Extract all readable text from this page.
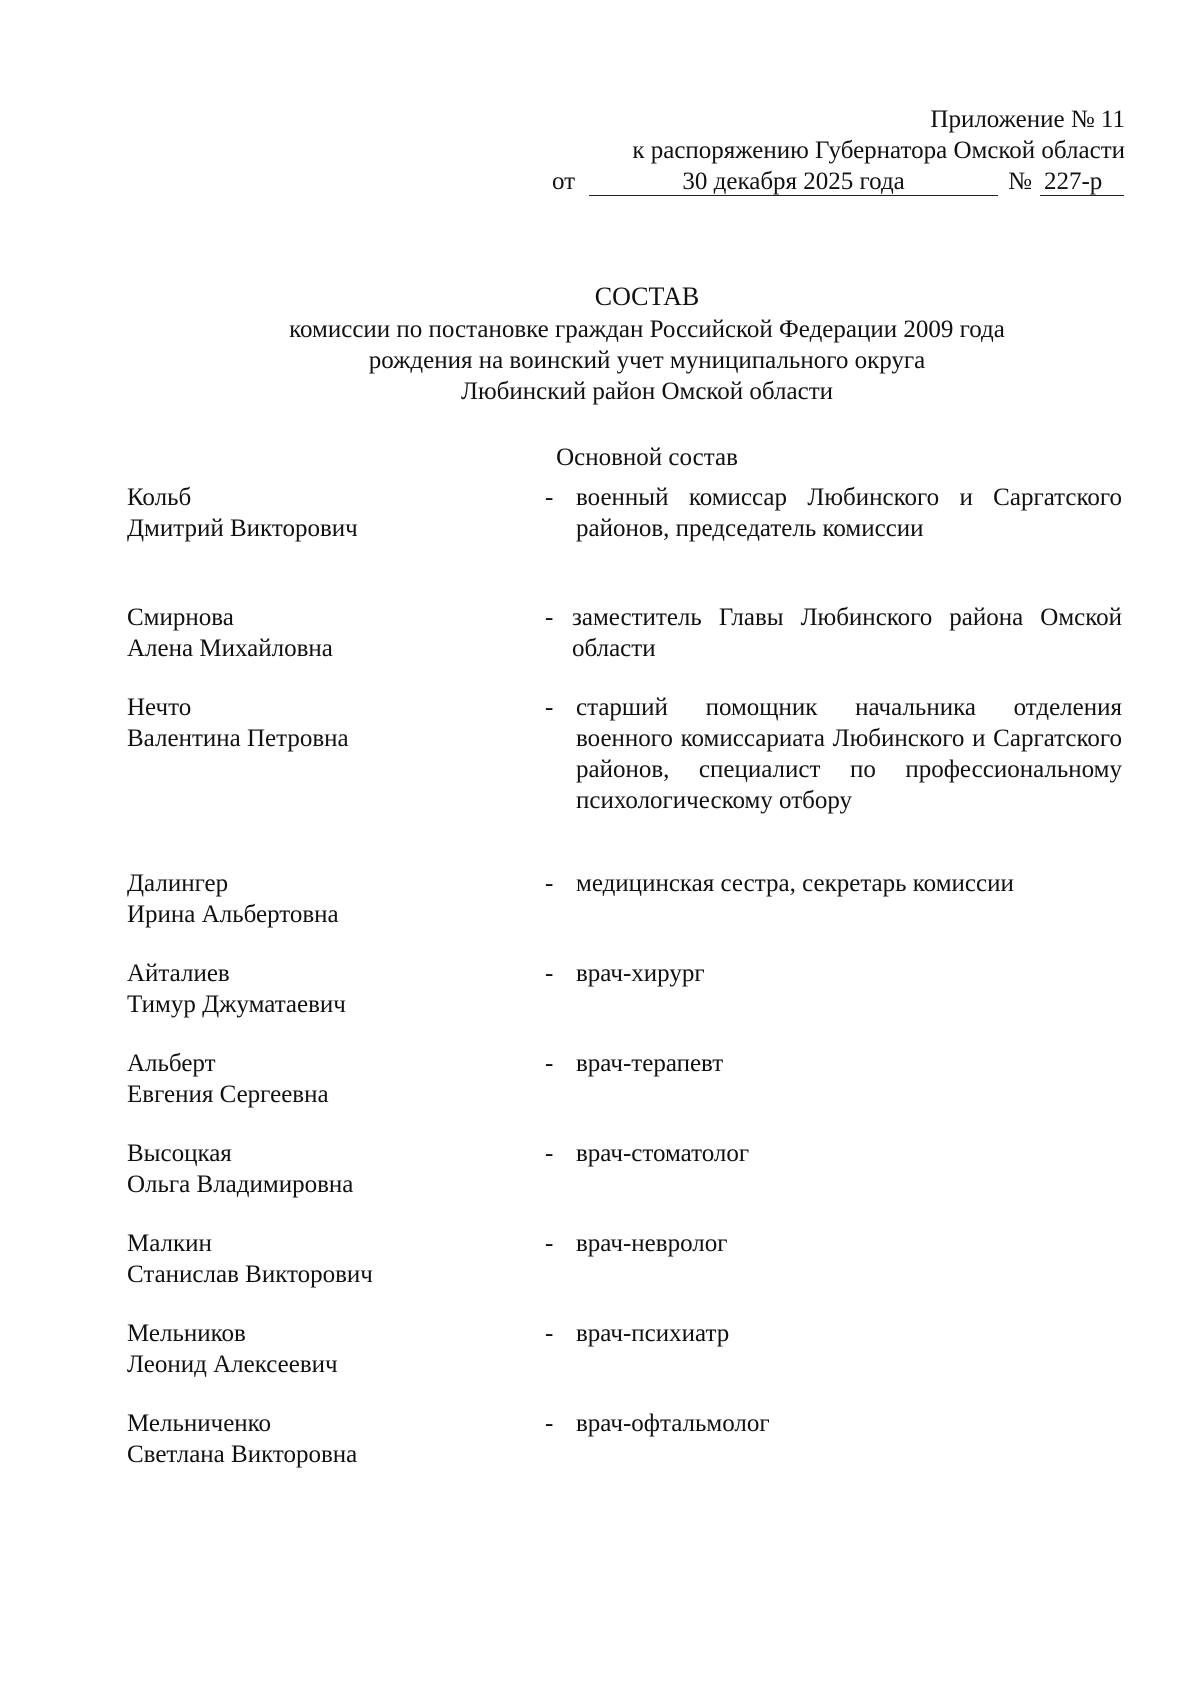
Приложение № 11
к распоряжению Губернатора Омской области
от	30 декабря 2025 года	№ 227-р
СОСТАВ
комиссии по постановке граждан Российской Федерации 2009 года
рождения на воинский учет муниципального округа
Любинский район Омской области
Основной состав
Кольб
Дмитрий Викторович
- военный комиссар Любинского и Саргатского районов, председатель комиссии
Смирнова
Алена Михайловна
- заместитель Главы Любинского района Омской области
Нечто
Валентина Петровна
- старший помощник начальника отделения военного комиссариата Любинского и Саргатского районов, специалист по профессиональному психологическому отбору
Далингер
Ирина Альбертовна
- медицинская сестра, секретарь комиссии
Айталиев
Тимур Джуматаевич
- врач-хирург
Альберт
Евгения Сергеевна
- врач-терапевт
Высоцкая
Ольга Владимировна
- врач-стоматолог
Малкин
Станислав Викторович
- врач-невролог
Мельников
Леонид Алексеевич
- врач-психиатр
Мельниченко
Светлана Викторовна
- врач-офтальмолог
